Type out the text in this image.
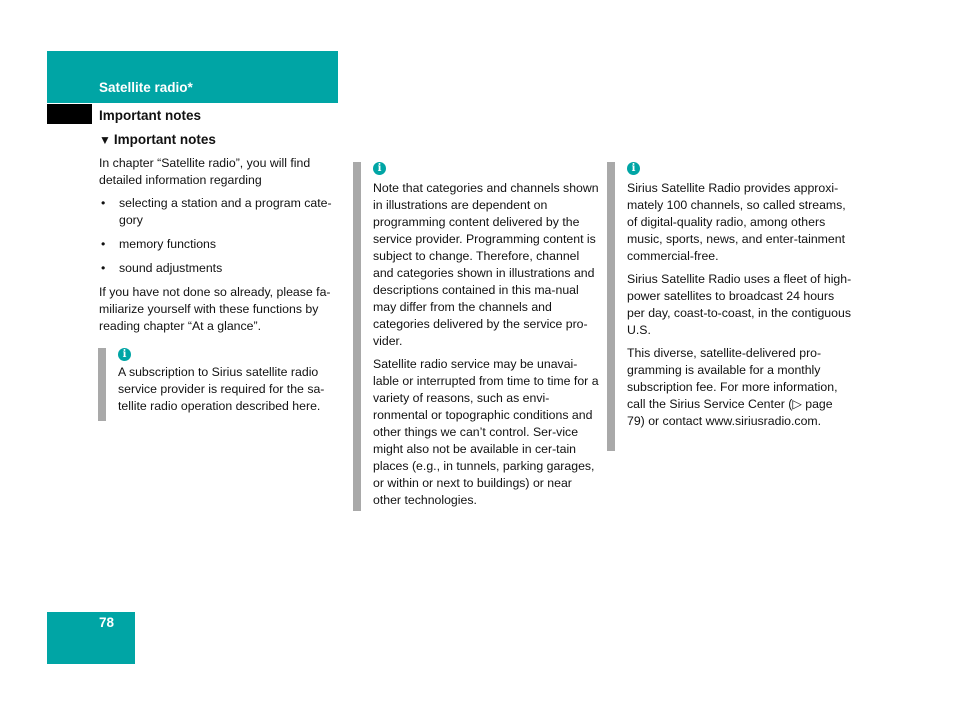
Satellite radio*
Important notes
▼ Important notes

In chapter “Satellite radio”, you will find detailed information regarding

• selecting a station and a program cate-gory
• memory functions
• sound adjustments

If you have not done so already, please fa-miliarize yourself with these functions by reading chapter “At a glance”.

i

A subscription to Sirius satellite radio service provider is required for the sa-tellite radio operation described here.

i

Note that categories and channels shown in illustrations are dependent on programming content delivered by the service provider. Programming content is subject to change. Therefore, channel and categories shown in illustrations and descriptions contained in this ma-nual may differ from the channels and categories delivered by the service pro-vider.

Satellite radio service may be unavai-lable or interrupted from time to time for a variety of reasons, such as envi-ronmental or topographic conditions and other things we can’t control. Ser-vice might also not be available in cer-tain places (e.g., in tunnels, parking garages, or within or next to buildings) or near other technologies.

i

Sirius Satellite Radio provides approxi-mately 100 channels, so called streams, of digital-quality radio, among others music, sports, news, and enter-tainment commercial-free.

Sirius Satellite Radio uses a fleet of high-power satellites to broadcast 24 hours per day, coast-to-coast, in the contiguous U.S.

This diverse, satellite-delivered pro-gramming is available for a monthly subscription fee. For more information, call the Sirius Service Center (▷ page 79) or contact www.siriusradio.com.

78
